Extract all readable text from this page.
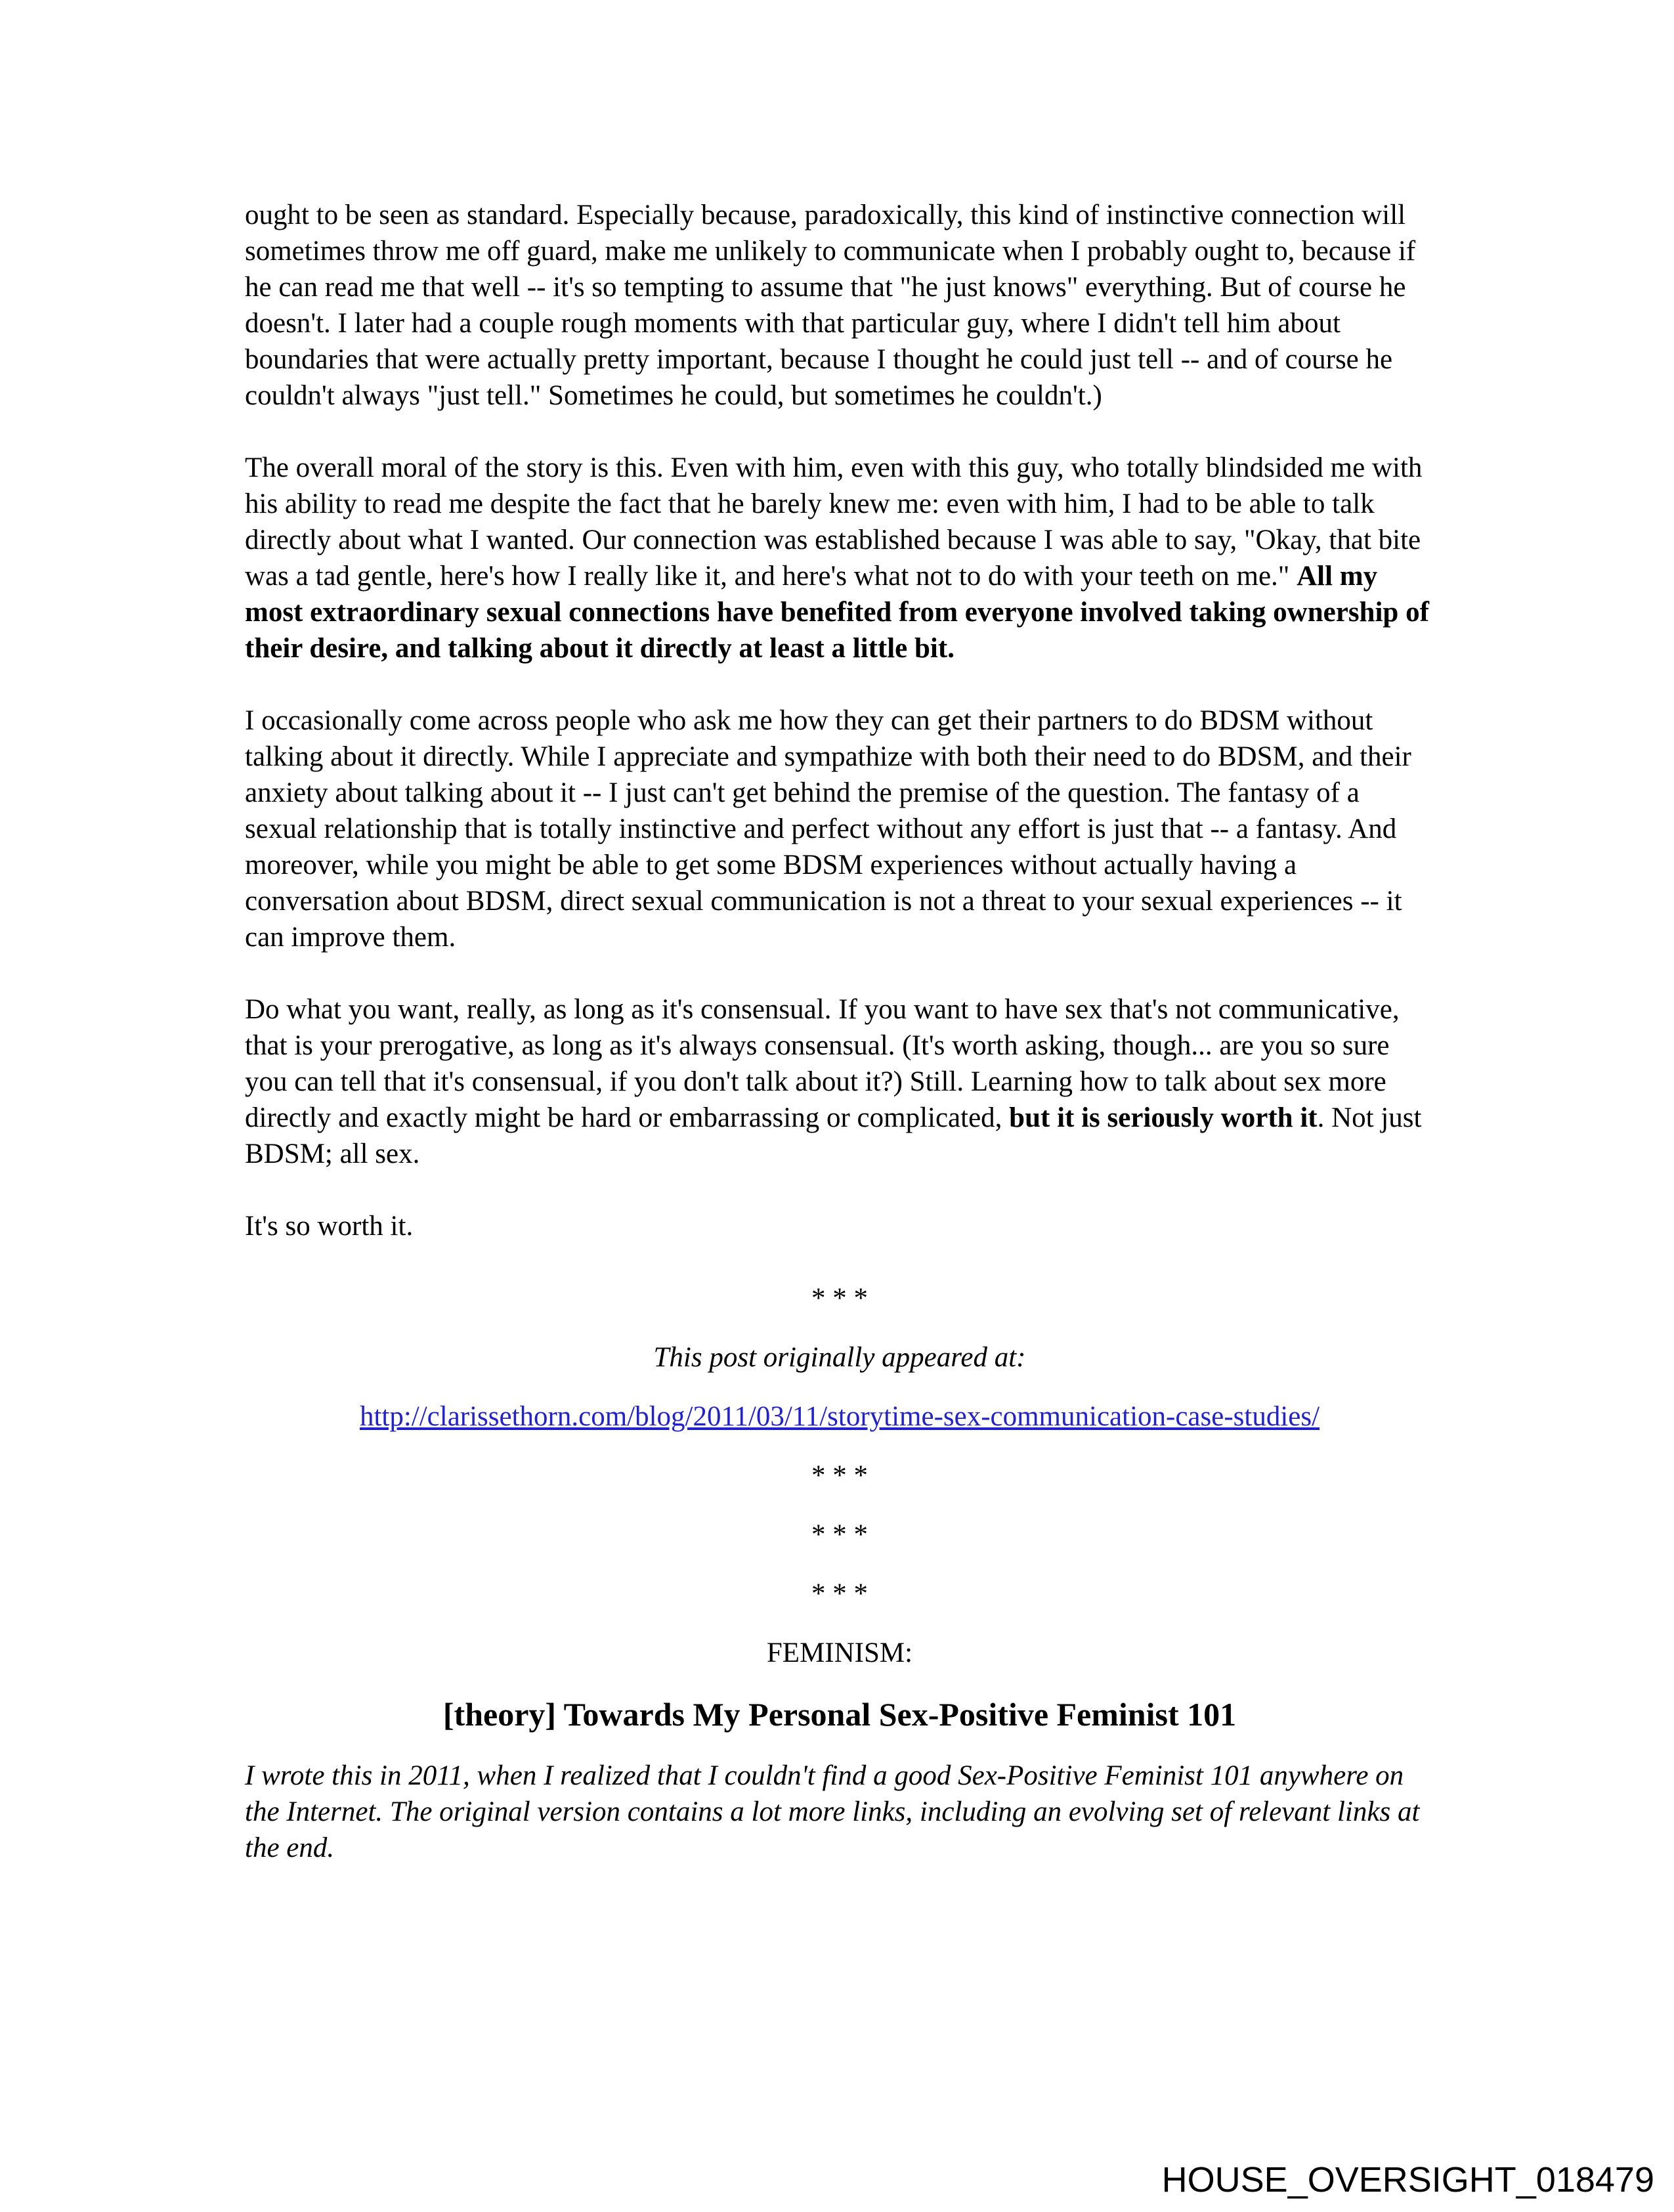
ought to be seen as standard. Especially because, paradoxically, this kind of instinctive connection will sometimes throw me off guard, make me unlikely to communicate when I probably ought to, because if he can read me that well -- it's so tempting to assume that "he just knows" everything. But of course he doesn't. I later had a couple rough moments with that particular guy, where I didn't tell him about boundaries that were actually pretty important, because I thought he could just tell -- and of course he couldn't always "just tell." Sometimes he could, but sometimes he couldn't.)

The overall moral of the story is this. Even with him, even with this guy, who totally blindsided me with his ability to read me despite the fact that he barely knew me: even with him, I had to be able to talk directly about what I wanted. Our connection was established because I was able to say, "Okay, that bite was a tad gentle, here's how I really like it, and here's what not to do with your teeth on me." All my most extraordinary sexual connections have benefited from everyone involved taking ownership of their desire, and talking about it directly at least a little bit.

I occasionally come across people who ask me how they can get their partners to do BDSM without talking about it directly. While I appreciate and sympathize with both their need to do BDSM, and their anxiety about talking about it -- I just can't get behind the premise of the question. The fantasy of a sexual relationship that is totally instinctive and perfect without any effort is just that -- a fantasy. And moreover, while you might be able to get some BDSM experiences without actually having a conversation about BDSM, direct sexual communication is not a threat to your sexual experiences -- it can improve them.

Do what you want, really, as long as it's consensual. If you want to have sex that's not communicative, that is your prerogative, as long as it's always consensual. (It's worth asking, though... are you so sure you can tell that it's consensual, if you don't talk about it?) Still. Learning how to talk about sex more directly and exactly might be hard or embarrassing or complicated, but it is seriously worth it. Not just BDSM; all sex.

It's so worth it.

* * *

This post originally appeared at:

http://clarissethorn.com/blog/2011/03/11/storytime-sex-communication-case-studies/

* * *

* * *

* * *

FEMINISM:

[theory] Towards My Personal Sex-Positive Feminist 101

I wrote this in 2011, when I realized that I couldn't find a good Sex-Positive Feminist 101 anywhere on the Internet. The original version contains a lot more links, including an evolving set of relevant links at the end.

HOUSE_OVERSIGHT_018479
